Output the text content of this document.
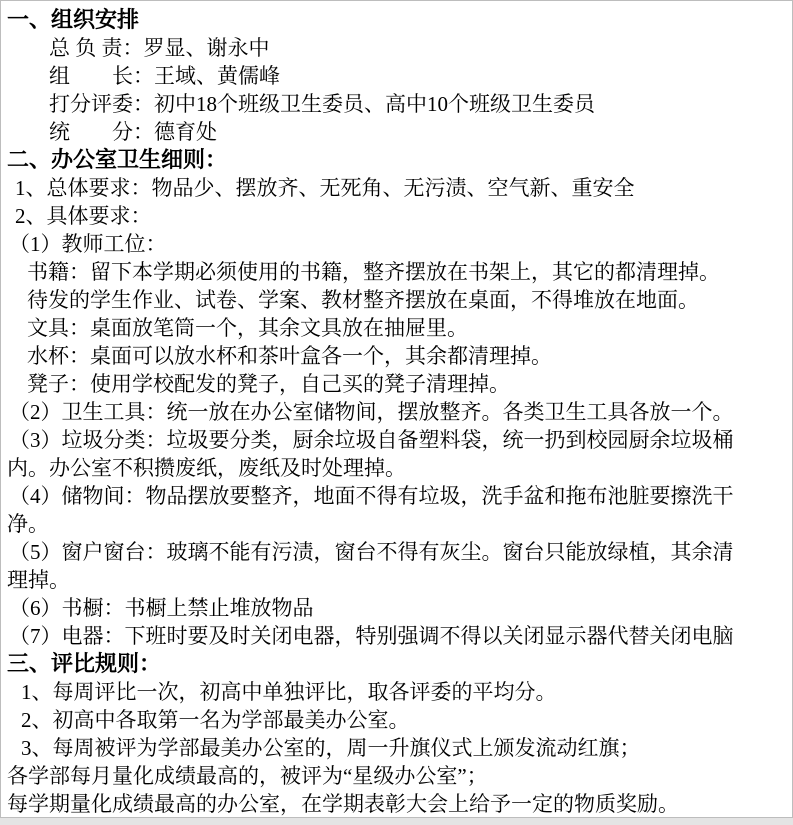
一、组织安排
总 负 责：罗显、谢永中
组　　长：王域、黄儒峰
打分评委：初中18个班级卫生委员、高中10个班级卫生委员
统　　分：德育处
二、办公室卫生细则：
1、总体要求：物品少、摆放齐、无死角、无污渍、空气新、重安全
2、具体要求：
（1）教师工位：
书籍：留下本学期必须使用的书籍，整齐摆放在书架上，其它的都清理掉。
待发的学生作业、试卷、学案、教材整齐摆放在桌面，不得堆放在地面。
文具：桌面放笔筒一个，其余文具放在抽屉里。
水杯：桌面可以放水杯和茶叶盒各一个，其余都清理掉。
凳子：使用学校配发的凳子，自己买的凳子清理掉。
（2）卫生工具：统一放在办公室储物间，摆放整齐。各类卫生工具各放一个。
（3）垃圾分类：垃圾要分类，厨余垃圾自备塑料袋，统一扔到校园厨余垃圾桶
内。办公室不积攒废纸，废纸及时处理掉。
（4）储物间：物品摆放要整齐，地面不得有垃圾，洗手盆和拖布池脏要擦洗干
净。
（5）窗户窗台：玻璃不能有污渍，窗台不得有灰尘。窗台只能放绿植，其余清
理掉。
（6）书橱：书橱上禁止堆放物品
（7）电器：下班时要及时关闭电器，特别强调不得以关闭显示器代替关闭电脑
三、评比规则：
1、每周评比一次，初高中单独评比，取各评委的平均分。
2、初高中各取第一名为学部最美办公室。
3、每周被评为学部最美办公室的，周一升旗仪式上颁发流动红旗；
各学部每月量化成绩最高的，被评为“星级办公室”；
每学期量化成绩最高的办公室，在学期表彰大会上给予一定的物质奖励。
